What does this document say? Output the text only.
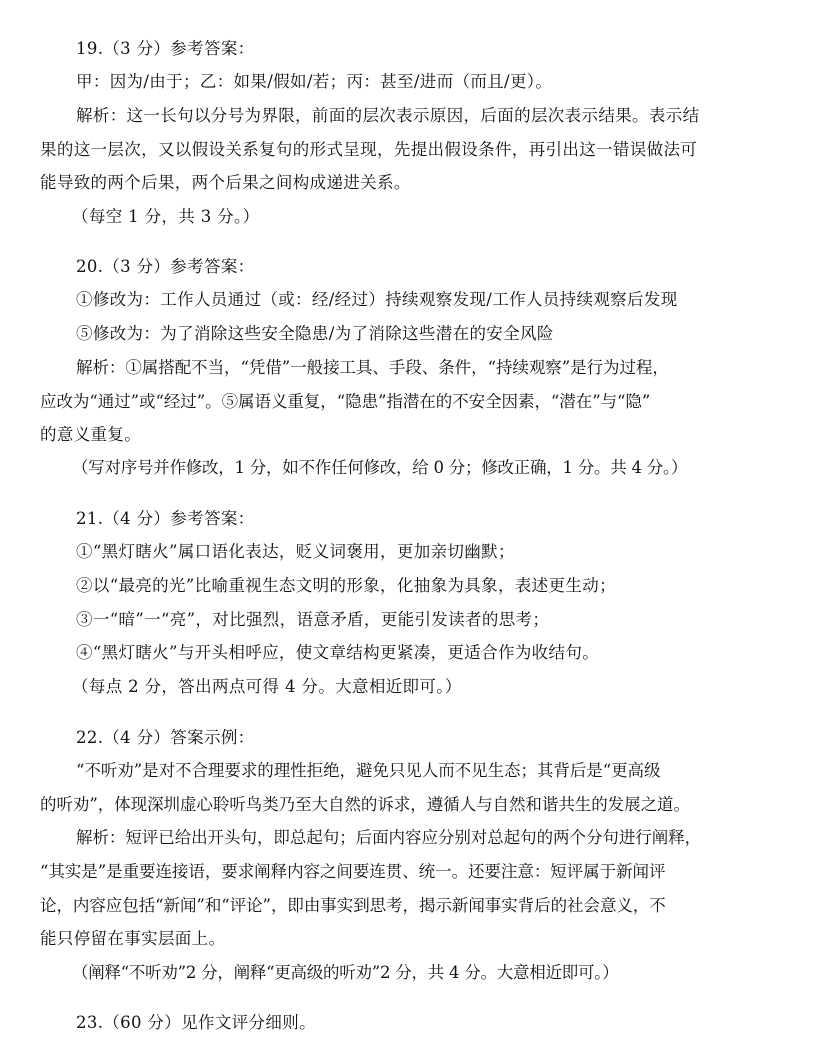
19.（3 分）参考答案：
甲：因为/由于；乙：如果/假如/若；丙：甚至/进而（而且/更）。
解析：这一长句以分号为界限，前面的层次表示原因，后面的层次表示结果。表示结
果的这一层次，又以假设关系复句的形式呈现，先提出假设条件，再引出这一错误做法可
能导致的两个后果，两个后果之间构成递进关系。
（每空 1 分，共 3 分。）
20.（3 分）参考答案：
①修改为：工作人员通过（或：经/经过）持续观察发现/工作人员持续观察后发现
⑤修改为：为了消除这些安全隐患/为了消除这些潜在的安全风险
解析：①属搭配不当，“凭借”一般接工具、手段、条件，“持续观察”是行为过程，
应改为“通过”或“经过”。⑤属语义重复，“隐患”指潜在的不安全因素，“潜在”与“隐”
的意义重复。
（写对序号并作修改，1 分，如不作任何修改，给 0 分；修改正确，1 分。共 4 分。）
21.（4 分）参考答案：
①“黑灯瞎火”属口语化表达，贬义词褒用，更加亲切幽默；
②以“最亮的光”比喻重视生态文明的形象，化抽象为具象，表述更生动；
③一“暗”一“亮”，对比强烈，语意矛盾，更能引发读者的思考；
④“黑灯瞎火”与开头相呼应，使文章结构更紧凑，更适合作为收结句。
（每点 2 分，答出两点可得 4 分。大意相近即可。）
22.（4 分）答案示例：
“不听劝”是对不合理要求的理性拒绝，避免只见人而不见生态；其背后是“更高级
的听劝”，体现深圳虚心聆听鸟类乃至大自然的诉求，遵循人与自然和谐共生的发展之道。
解析：短评已给出开头句，即总起句；后面内容应分别对总起句的两个分句进行阐释，
“其实是”是重要连接语，要求阐释内容之间要连贯、统一。还要注意：短评属于新闻评
论，内容应包括“新闻”和“评论”，即由事实到思考，揭示新闻事实背后的社会意义，不
能只停留在事实层面上。
（阐释“不听劝”2 分，阐释“更高级的听劝”2 分，共 4 分。大意相近即可。）
23.（60 分）见作文评分细则。
